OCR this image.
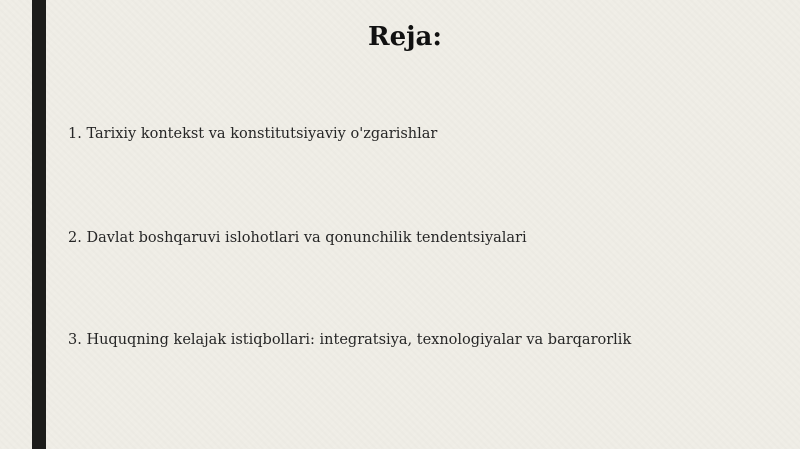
Reja:
1. Tarixiy kontekst va konstitutsiyaviy o'zgarishlar
2. Davlat boshqaruvi islohotlari va qonunchilik tendentsiyalari
3. Huquqning kelajak istiqbollari: integratsiya, texnologiyalar va barqarorlik
